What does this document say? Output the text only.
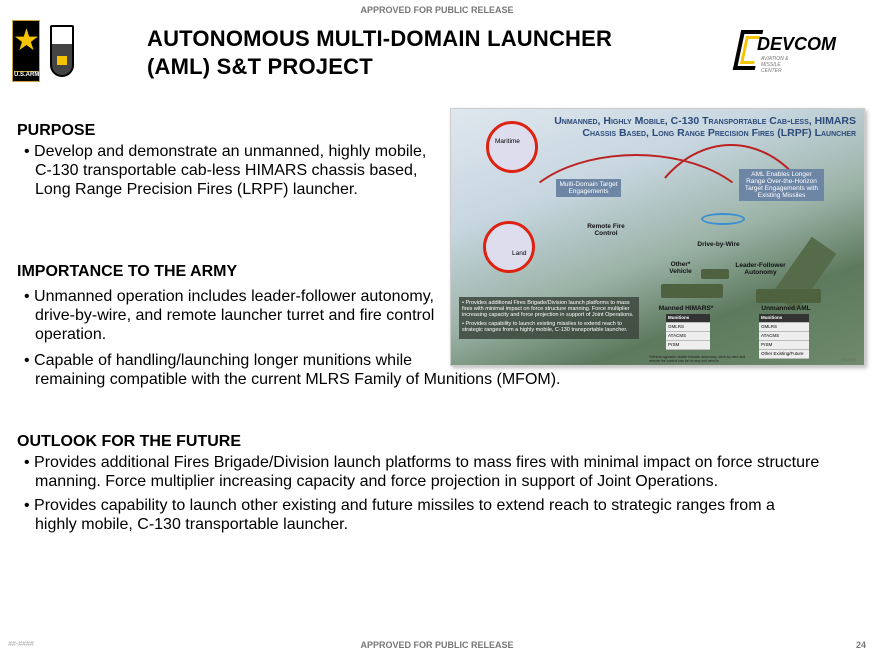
APPROVED FOR PUBLIC RELEASE
★
U.S.ARMY
AUTONOMOUS MULTI-DOMAIN LAUNCHER
(AML) S&T PROJECT
DEVCOM
AVIATION & MISSILE CENTER
PURPOSE
• Develop and demonstrate an unmanned, highly mobile, C-130 transportable cab-less HIMARS chassis based, Long Range Precision Fires (LRPF) launcher.
IMPORTANCE TO THE ARMY
• Unmanned operation includes leader-follower autonomy, drive-by-wire, and remote launcher turret and fire control operation.
• Capable of handling/launching longer munitions while remaining compatible with the current MLRS Family of Munitions (MFOM).
OUTLOOK FOR THE FUTURE
• Provides additional Fires Brigade/Division launch platforms to mass fires with minimal impact on force structure manning. Force multiplier increasing capacity and force projection in support of Joint Operations.
• Provides capability to launch other existing and future missiles to extend reach to strategic ranges from a highly mobile, C-130 transportable launcher.
Unmanned, Highly Mobile, C-130 Transportable Cab-less, HIMARS Chassis Based, Long Range Precision Fires (LRPF) Launcher
Maritime
Land
Multi-Domain Target Engagements
AML Enables Longer Range Over-the-Horizon Target Engagements with Existing Missiles
Remote Fire Control
Drive-by-Wire
Other* Vehicle
Leader-Follower Autonomy
Manned HIMARS*	Unmanned AML
Munitions
GMLRS
ATACMS
PrSM
Munitions
GMLRS
ATACMS
PrSM
Other Existing/Future

• Provides additional Fires Brigade/Division launch platforms to mass fires with minimal impact on force structure manning. Force multiplier increasing capacity and force projection in support of Joint Operations.

• Provides capability to launch existing missiles to extend reach to strategic ranges from a highly mobile, C-130 transportable launcher.

*Vehicle agnostic: leader follower autonomy, drive-by-wire and remote fire control can be on any unit vehicle	20-0018
##-####	APPROVED FOR PUBLIC RELEASE	24
